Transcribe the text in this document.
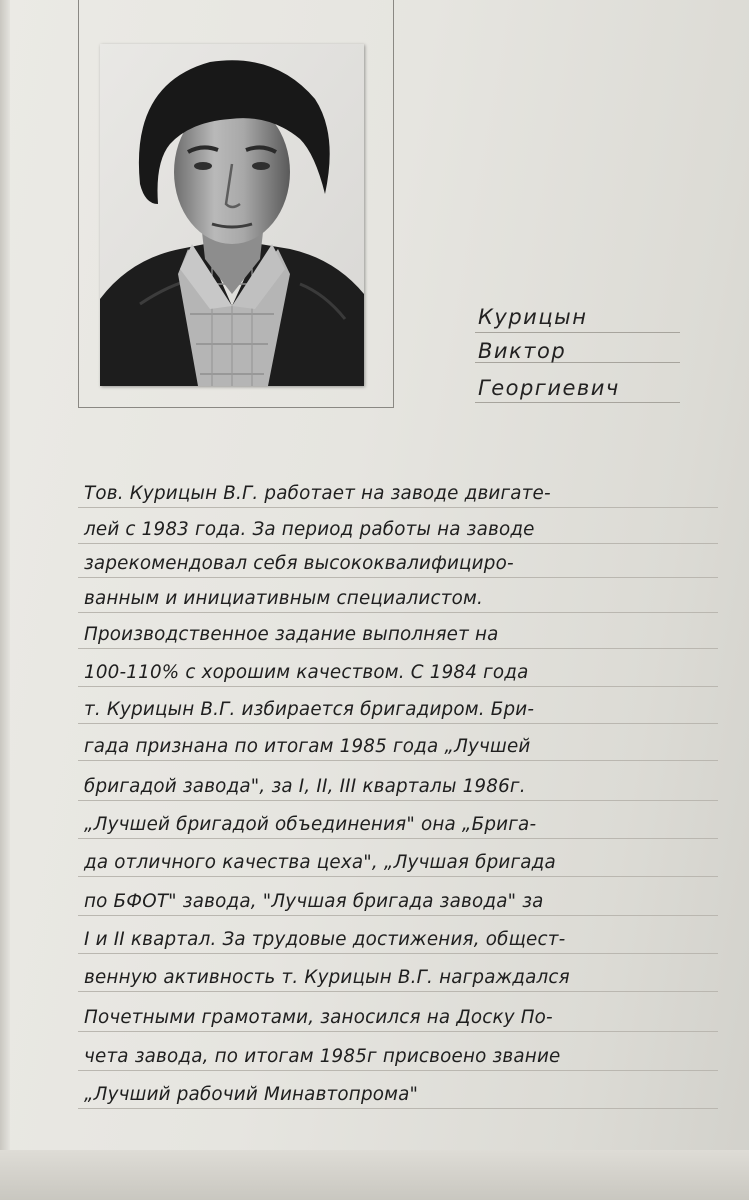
Курицын
Виктор
Георгиевич
Тов. Курицын В.Г. работает на заводе двигате-
лей с 1983 года. За период работы на заводе
зарекомендовал себя высококвалифициро-
ванным и инициативным специалистом.
Производственное задание выполняет на
100-110% с хорошим качеством. С 1984 года
т. Курицын В.Г. избирается бригадиром. Бри-
гада признана по итогам 1985 года „Лучшей
бригадой завода", за I, II, III кварталы 1986г.
„Лучшей бригадой объединения" она „Брига-
да отличного качества цеха", „Лучшая бригада
по БФОТ" завода, "Лучшая бригада завода" за
I и II квартал. За трудовые достижения, общест-
венную активность т. Курицын В.Г. награждался
Почетными грамотами, заносился на Доску По-
чета завода, по итогам 1985г присвоено звание
„Лучший рабочий Минавтопрома"
